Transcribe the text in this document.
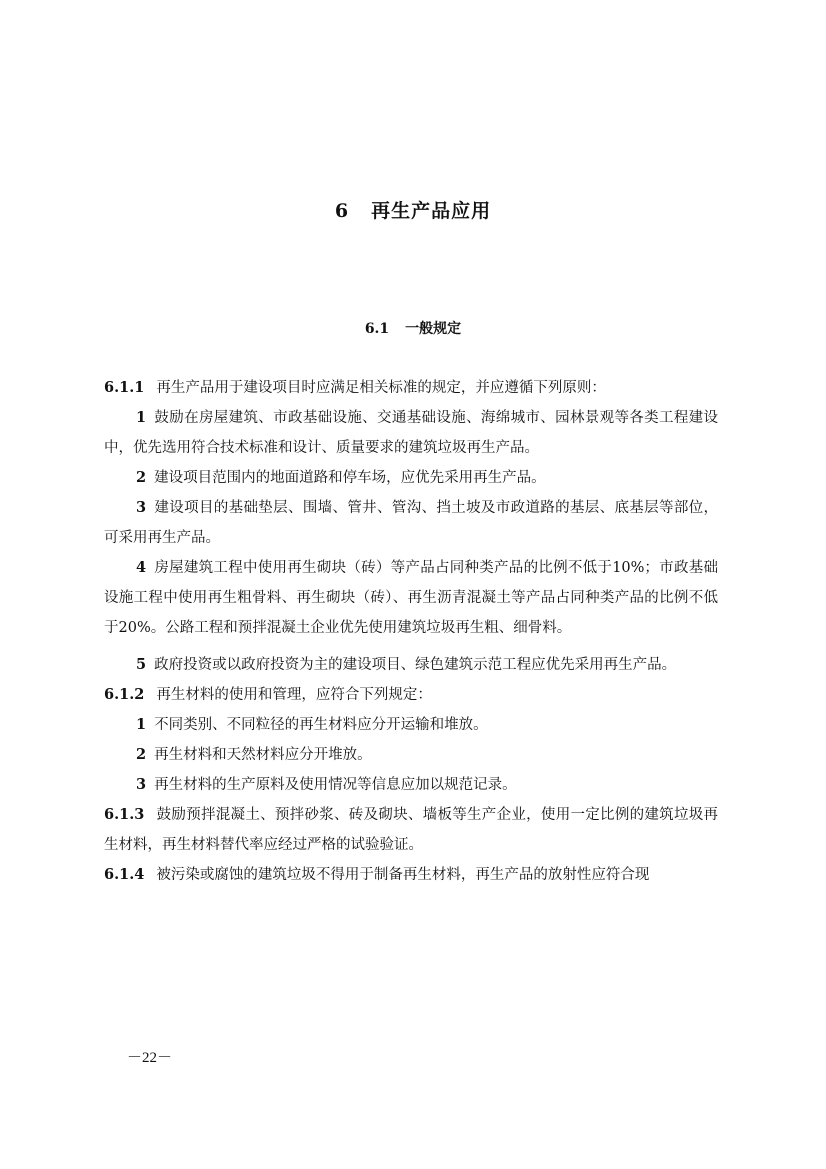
6 再生产品应用
6.1 一般规定

6.1.1 再生产品用于建设项目时应满足相关标准的规定，并应遵循下列原则：

1 鼓励在房屋建筑、市政基础设施、交通基础设施、海绵城市、园林景观等各类工程建设中，优先选用符合技术标准和设计、质量要求的建筑垃圾再生产品。

2 建设项目范围内的地面道路和停车场，应优先采用再生产品。

3 建设项目的基础垫层、围墙、管井、管沟、挡土坡及市政道路的基层、底基层等部位，可采用再生产品。

4 房屋建筑工程中使用再生砌块（砖）等产品占同种类产品的比例不低于10%；市政基础设施工程中使用再生粗骨料、再生砌块（砖）、再生沥青混凝土等产品占同种类产品的比例不低于20%。公路工程和预拌混凝土企业优先使用建筑垃圾再生粗、细骨料。

5 政府投资或以政府投资为主的建设项目、绿色建筑示范工程应优先采用再生产品。

6.1.2 再生材料的使用和管理，应符合下列规定：

1 不同类别、不同粒径的再生材料应分开运输和堆放。

2 再生材料和天然材料应分开堆放。

3 再生材料的生产原料及使用情况等信息应加以规范记录。

6.1.3 鼓励预拌混凝土、预拌砂浆、砖及砌块、墙板等生产企业，使用一定比例的建筑垃圾再生材料，再生材料替代率应经过严格的试验验证。

6.1.4 被污染或腐蚀的建筑垃圾不得用于制备再生材料，再生产品的放射性应符合现

－22－
